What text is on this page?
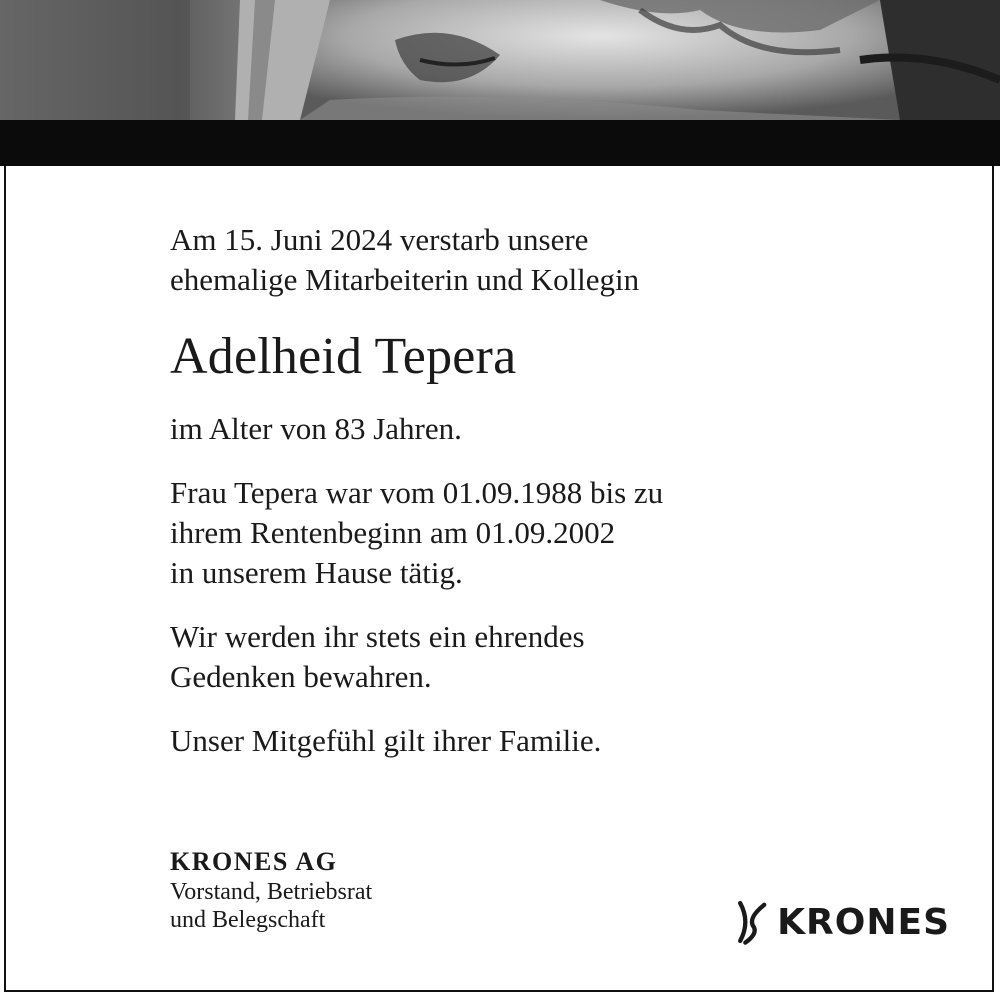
Am 15. Juni 2024 verstarb unsere
ehemalige Mitarbeiterin und Kollegin

Adelheid Tepera

im Alter von 83 Jahren.

Frau Tepera war vom 01.09.1988 bis zu
ihrem Rentenbeginn am 01.09.2002
in unserem Hause tätig.

Wir werden ihr stets ein ehrendes
Gedenken bewahren.

Unser Mitgefühl gilt ihrer Familie.

KRONES AG

Vorstand, Betriebsrat

und Belegschaft	KRONES
